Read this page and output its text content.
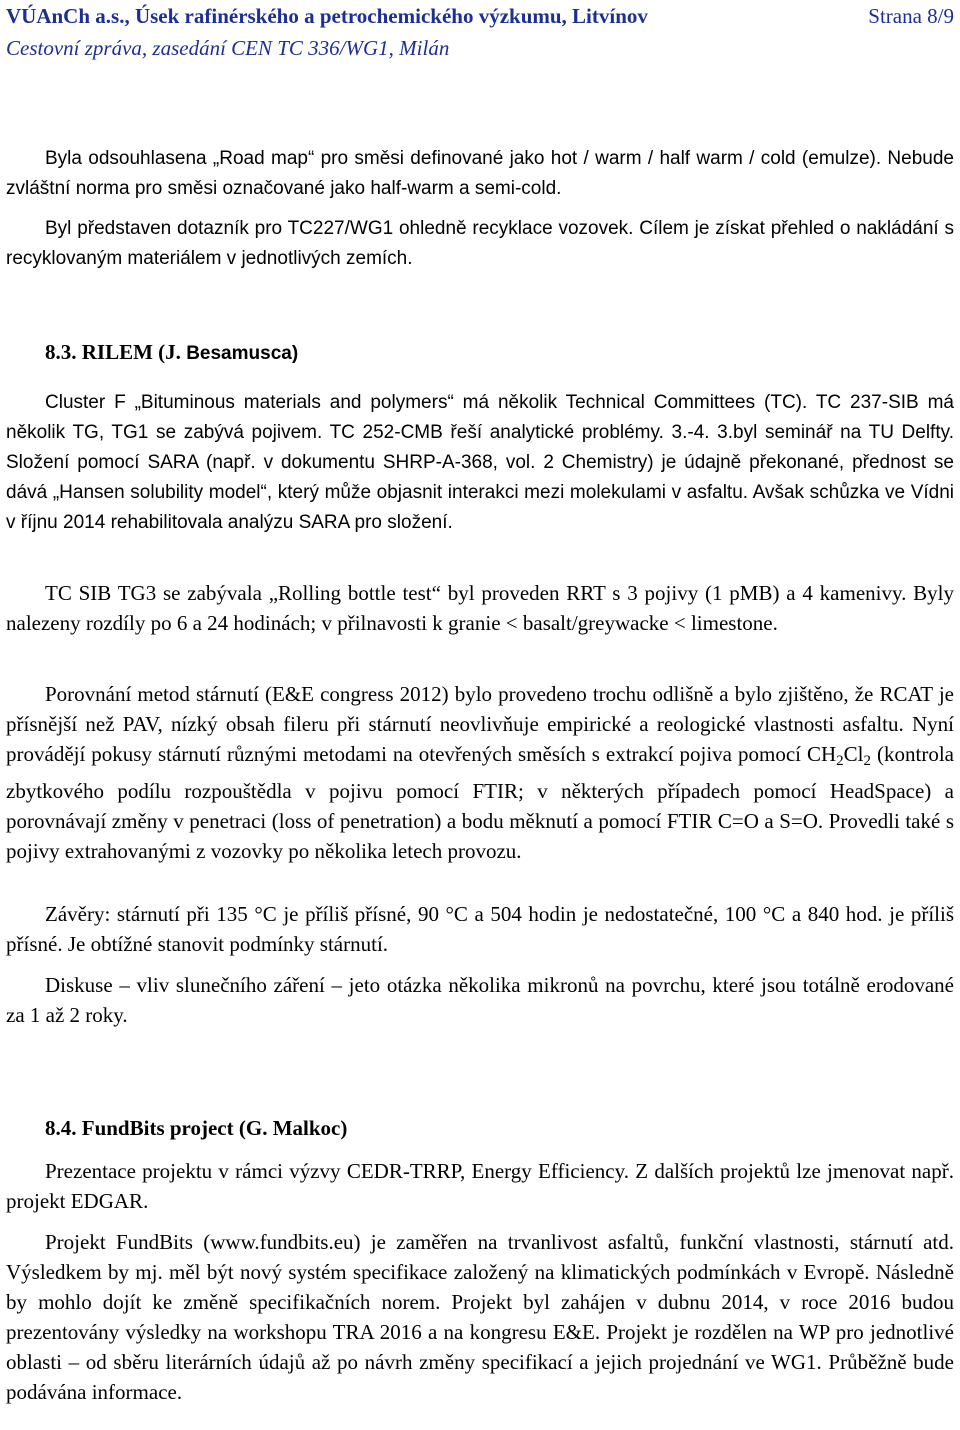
VÚAnCh a.s., Úsek rafinérského a petrochemického výzkumu, Litvínov	Strana 8/9
Cestovní zpráva, zasedání CEN TC 336/WG1, Milán
Byla odsouhlasena „Road map“ pro směsi definované jako hot / warm / half warm / cold (emulze). Nebude zvláštní norma pro směsi označované jako half-warm a semi-cold.
Byl představen dotazník pro TC227/WG1 ohledně recyklace vozovek. Cílem je získat přehled o nakládání s recyklovaným materiálem v jednotlivých zemích.
8.3. RILEM (J. Besamusca)
Cluster F „Bituminous materials and polymers“ má několik Technical Committees (TC). TC 237-SIB má několik TG, TG1 se zabývá pojivem. TC 252-CMB řeší analytické problémy. 3.-4. 3.byl seminář na TU Delfty. Složení pomocí SARA (např. v dokumentu SHRP-A-368, vol. 2 Chemistry) je údajně překonané, přednost se dává „Hansen solubility model“, který může objasnit interakci mezi molekulami v asfaltu. Avšak schůzka ve Vídni v říjnu 2014 rehabilitovala analýzu SARA pro složení.
TC SIB TG3 se zabývala „Rolling bottle test“ byl proveden RRT s 3 pojivy (1 pMB) a 4 kamenivy. Byly nalezeny rozdíly po 6 a 24 hodinách; v přilnavosti k granie < basalt/greywacke < limestone.
Porovnání metod stárnutí (E&E congress 2012) bylo provedeno trochu odlišně a bylo zjištěno, že RCAT je přísnější než PAV, nízký obsah fileru při stárnutí neovlivňuje empirické a reologické vlastnosti asfaltu. Nyní provádějí pokusy stárnutí různými metodami na otevřených směsích s extrakcí pojiva pomocí $CH_2Cl_2$ (kontrola zbytkového podílu rozpouštědla v pojivu pomocí FTIR; v některých případech pomocí HeadSpace) a porovnávají změny v penetraci (loss of penetration) a bodu měknutí a pomocí FTIR C=O a S=O. Provedli také s pojivy extrahovanými z vozovky po několika letech provozu.
Závěry: stárnutí při 135 °C je příliš přísné, 90 °C a 504 hodin je nedostatečné, 100 °C a 840 hod. je příliš přísné. Je obtížné stanovit podmínky stárnutí.
Diskuse – vliv slunečního záření – jeto otázka několika mikronů na povrchu, které jsou totálně erodované za 1 až 2 roky.
8.4. FundBits project (G. Malkoc)
Prezentace projektu v rámci výzvy CEDR-TRRP, Energy Efficiency. Z dalších projektů lze jmenovat např. projekt EDGAR.
Projekt FundBits (www.fundbits.eu) je zaměřen na trvanlivost asfaltů, funkční vlastnosti, stárnutí atd. Výsledkem by mj. měl být nový systém specifikace založený na klimatických podmínkách v Evropě. Následně by mohlo dojít ke změně specifikačních norem. Projekt byl zahájen v dubnu 2014, v roce 2016 budou prezentovány výsledky na workshopu TRA 2016 a na kongresu E&E. Projekt je rozdělen na WP pro jednotlivé oblasti – od sběru literárních údajů až po návrh změny specifikací a jejich projednání ve WG1. Průběžně bude podávána informace.
